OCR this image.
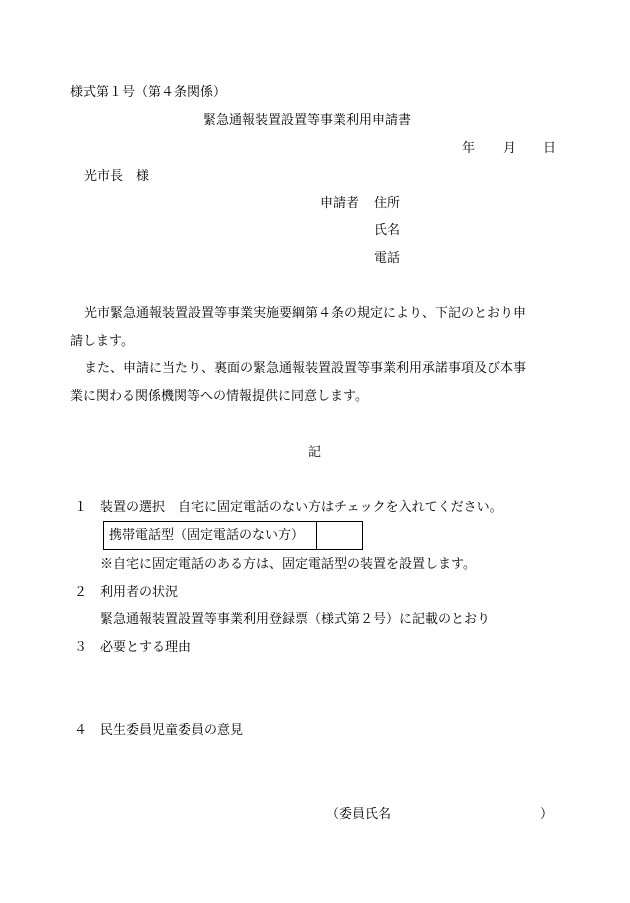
様式第１号（第４条関係）
緊急通報装置設置等事業利用申請書
年 月 日
光市長　様
申請者 住所
氏名
電話
光市緊急通報装置設置等事業実施要綱第４条の規定により、下記のとおり申
請します。
また、申請に当たり、裏面の緊急通報装置設置等事業利用承諾事項及び本事
業に関わる関係機関等への情報提供に同意します。
記
１ 装置の選択　自宅に固定電話のない方はチェックを入れてください。
携帯電話型（固定電話のない方）
※自宅に固定電話のある方は、固定電話型の装置を設置します。
２ 利用者の状況
緊急通報装置設置等事業利用登録票（様式第２号）に記載のとおり
３ 必要とする理由
４ 民生委員児童委員の意見
（委員氏名	）
